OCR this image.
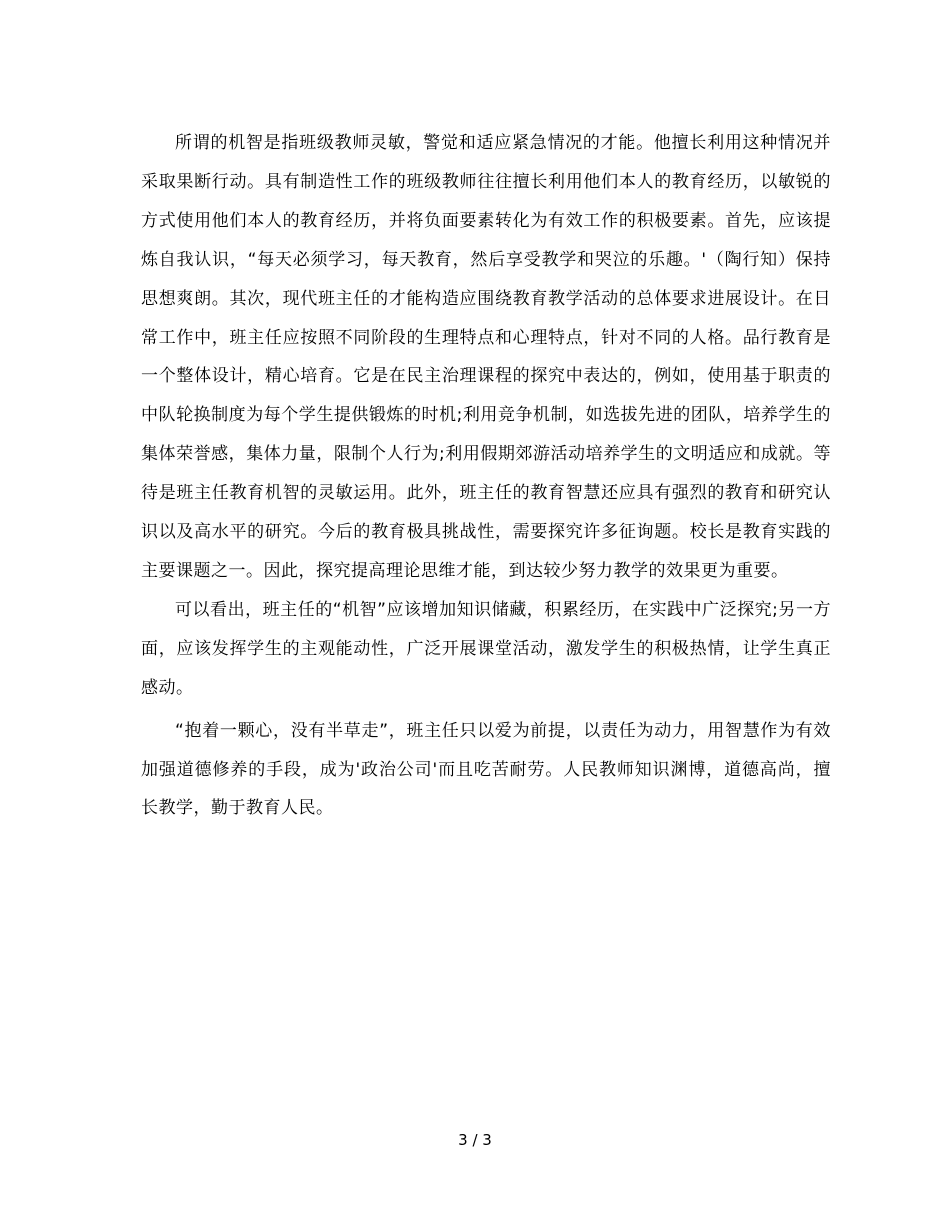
所谓的机智是指班级教师灵敏，警觉和适应紧急情况的才能。他擅长利用这种情况并采取果断行动。具有制造性工作的班级教师往往擅长利用他们本人的教育经历，以敏锐的方式使用他们本人的教育经历，并将负面要素转化为有效工作的积极要素。首先，应该提炼自我认识，“每天必须学习，每天教育，然后享受教学和哭泣的乐趣。'（陶行知）保持思想爽朗。其次，现代班主任的才能构造应围绕教育教学活动的总体要求进展设计。在日常工作中，班主任应按照不同阶段的生理特点和心理特点，针对不同的人格。品行教育是一个整体设计，精心培育。它是在民主治理课程的探究中表达的，例如，使用基于职责的中队轮换制度为每个学生提供锻炼的时机;利用竞争机制，如选拔先进的团队，培养学生的集体荣誉感，集体力量，限制个人行为;利用假期郊游活动培养学生的文明适应和成就。等待是班主任教育机智的灵敏运用。此外，班主任的教育智慧还应具有强烈的教育和研究认识以及高水平的研究。今后的教育极具挑战性，需要探究许多征询题。校长是教育实践的主要课题之一。因此，探究提高理论思维才能，到达较少努力教学的效果更为重要。

可以看出，班主任的“机智”应该增加知识储藏，积累经历，在实践中广泛探究;另一方面，应该发挥学生的主观能动性，广泛开展课堂活动，激发学生的积极热情，让学生真正感动。

“抱着一颗心，没有半草走”，班主任只以爱为前提，以责任为动力，用智慧作为有效加强道德修养的手段，成为'政治公司'而且吃苦耐劳。人民教师知识渊博，道德高尚，擅长教学，勤于教育人民。

3 / 3
